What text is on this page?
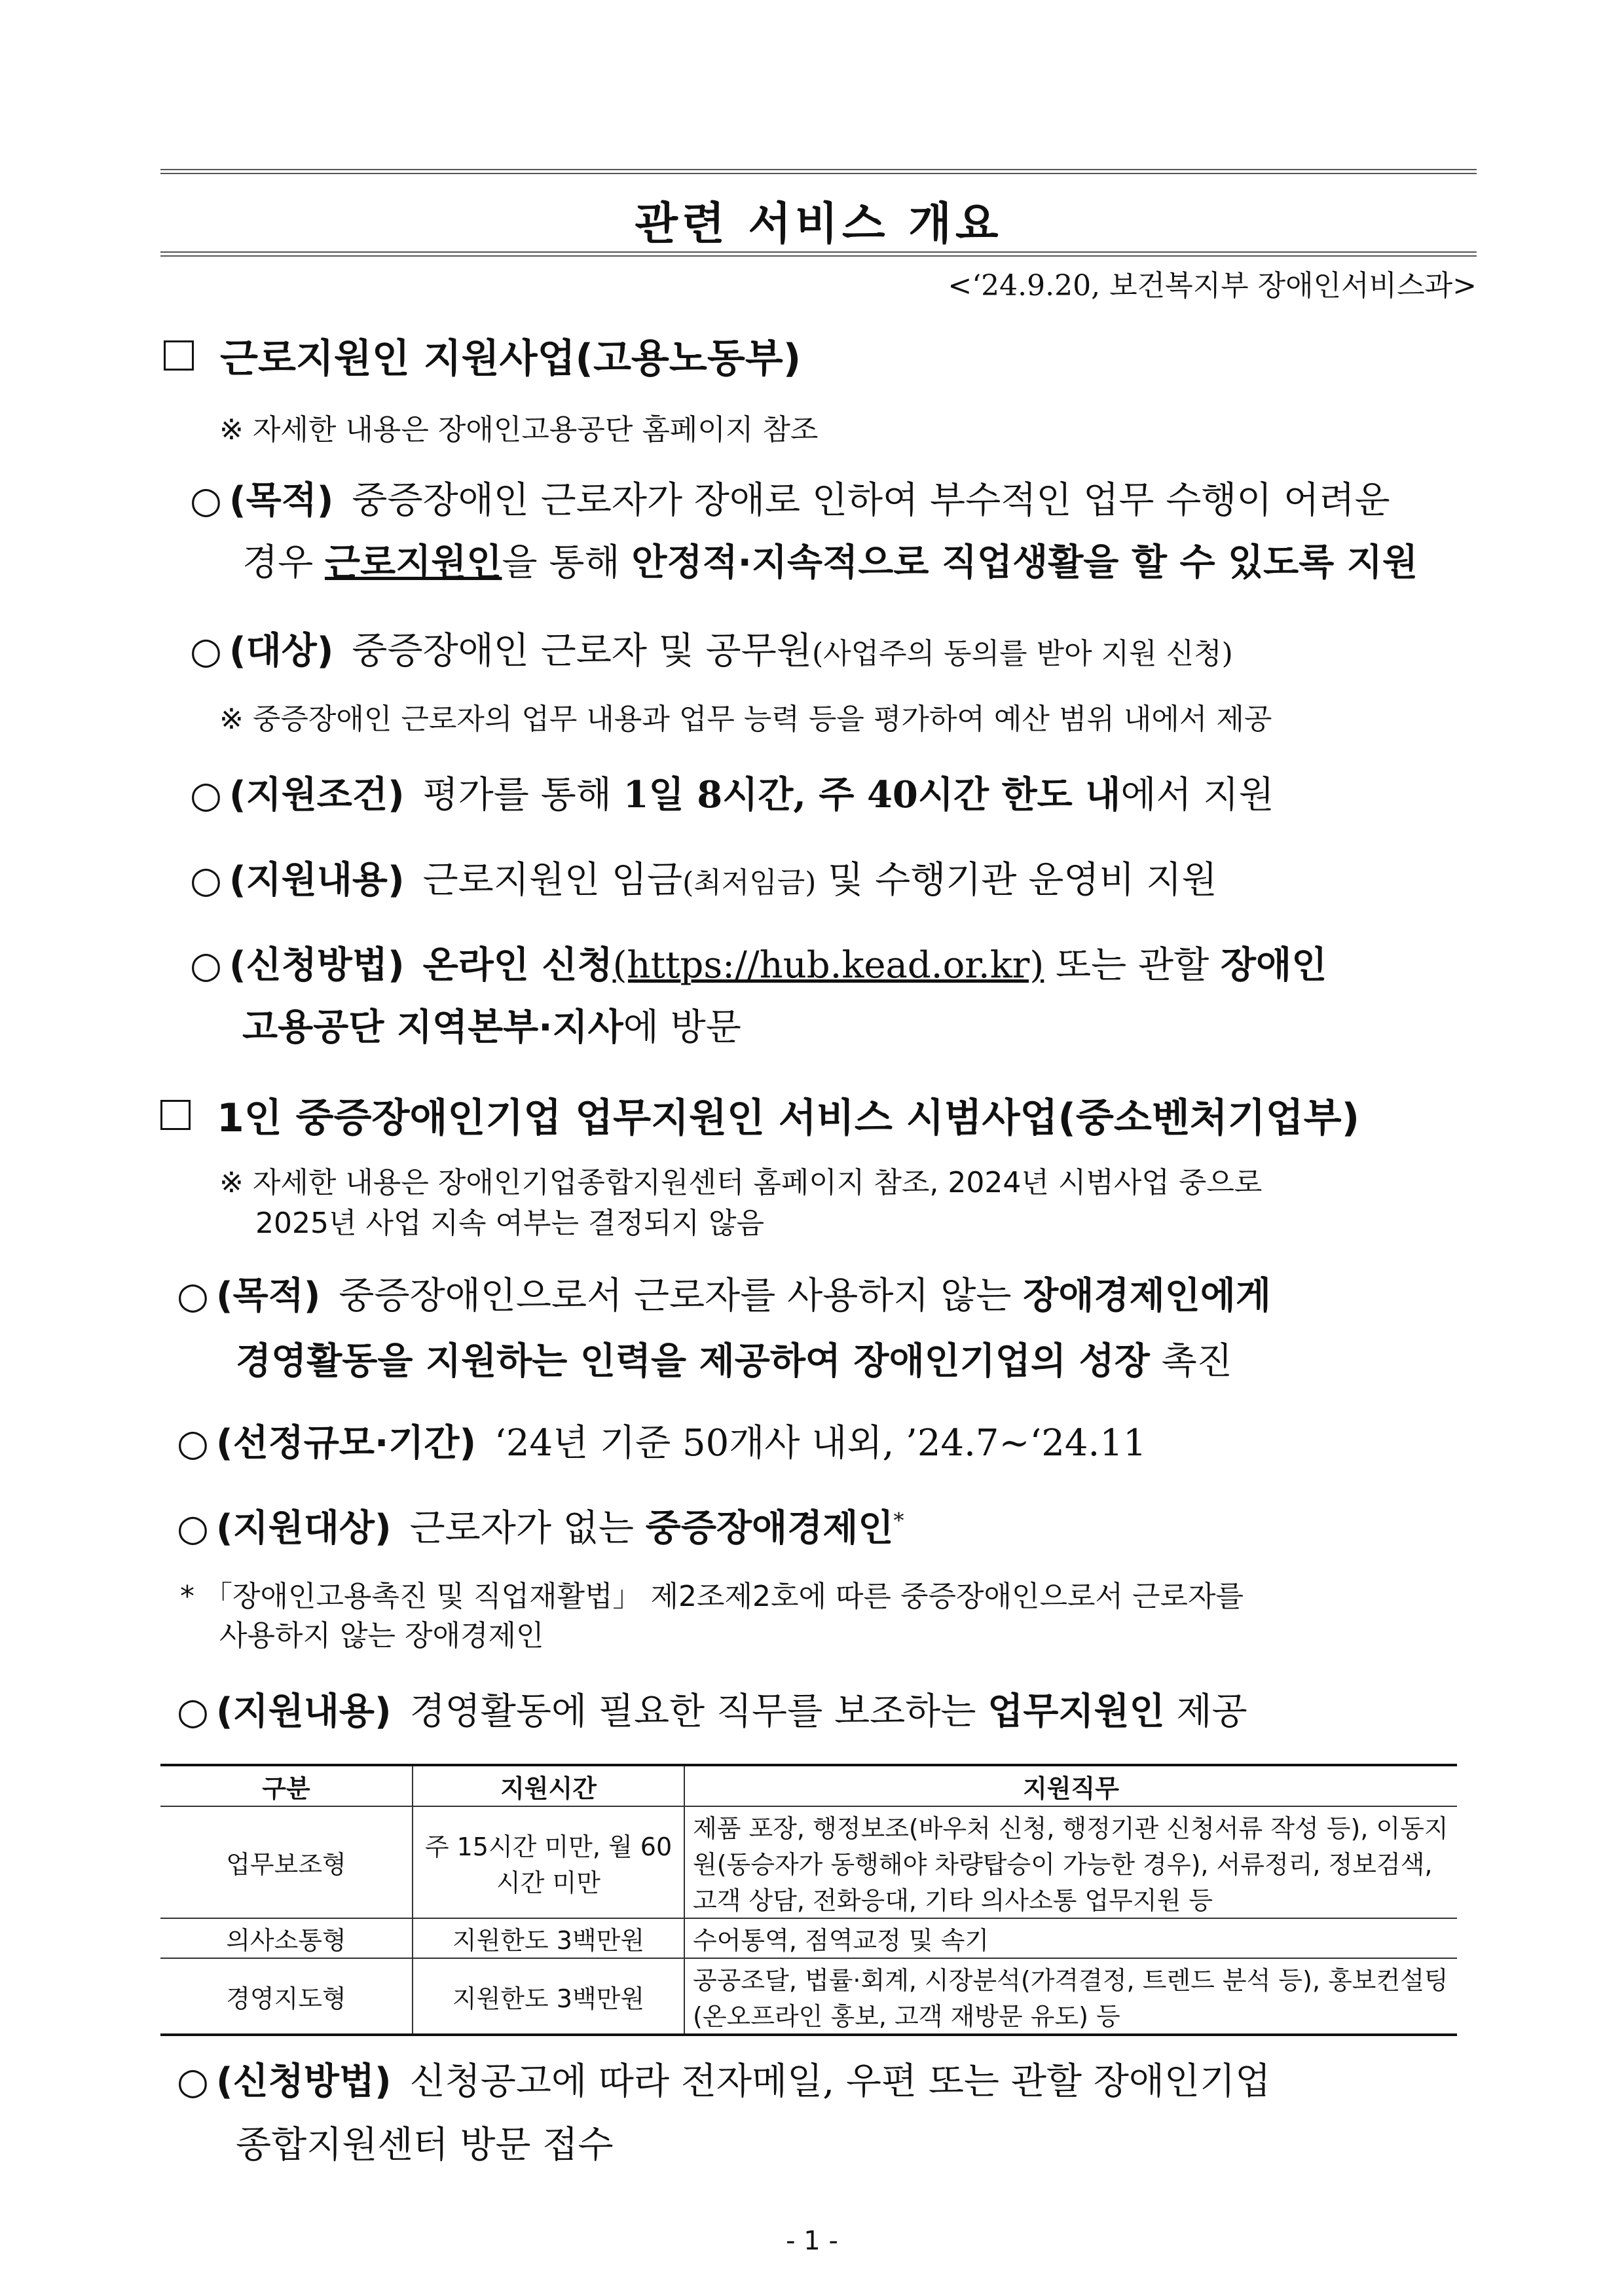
관련 서비스 개요
<‘24.9.20, 보건복지부 장애인서비스과>
근로지원인 지원사업(고용노동부)
※ 자세한 내용은 장애인고용공단 홈페이지 참조
○ (목적) 중증장애인 근로자가 장애로 인하여 부수적인 업무 수행이 어려운
경우 근로지원인을 통해 안정적·지속적으로 직업생활을 할 수 있도록 지원
○ (대상) 중증장애인 근로자 및 공무원(사업주의 동의를 받아 지원 신청)
※ 중증장애인 근로자의 업무 내용과 업무 능력 등을 평가하여 예산 범위 내에서 제공
○ (지원조건) 평가를 통해 1일 8시간, 주 40시간 한도 내에서 지원
○ (지원내용) 근로지원인 임금(최저임금) 및 수행기관 운영비 지원
○ (신청방법) 온라인 신청(https://hub.kead.or.kr) 또는 관할 장애인
고용공단 지역본부·지사에 방문
1인 중증장애인기업 업무지원인 서비스 시범사업(중소벤처기업부)
※ 자세한 내용은 장애인기업종합지원센터 홈페이지 참조, 2024년 시범사업 중으로
2025년 사업 지속 여부는 결정되지 않음
○ (목적) 중증장애인으로서 근로자를 사용하지 않는 장애경제인에게
경영활동을 지원하는 인력을 제공하여 장애인기업의 성장 촉진
○ (선정규모·기간) ‘24년 기준 50개사 내외, ’24.7~‘24.11
○ (지원대상) 근로자가 없는 중증장애경제인*
* 「장애인고용촉진 및 직업재활법」 제2조제2호에 따른 중증장애인으로서 근로자를
사용하지 않는 장애경제인
○ (지원내용) 경영활동에 필요한 직무를 보조하는 업무지원인 제공
구분	지원시간	지원직무
업무보조형	주 15시간 미만, 월 60시간 미만	제품 포장, 행정보조(바우처 신청, 행정기관 신청서류 작성 등), 이동지원(동승자가 동행해야 차량탑승이 가능한 경우), 서류정리, 정보검색, 고객 상담, 전화응대, 기타 의사소통 업무지원 등
의사소통형	지원한도 3백만원	수어통역, 점역교정 및 속기
경영지도형	지원한도 3백만원	공공조달, 법률·회계, 시장분석(가격결정, 트렌드 분석 등), 홍보컨설팅(온오프라인 홍보, 고객 재방문 유도) 등
○ (신청방법) 신청공고에 따라 전자메일, 우편 또는 관할 장애인기업
종합지원센터 방문 접수
- 1 -
